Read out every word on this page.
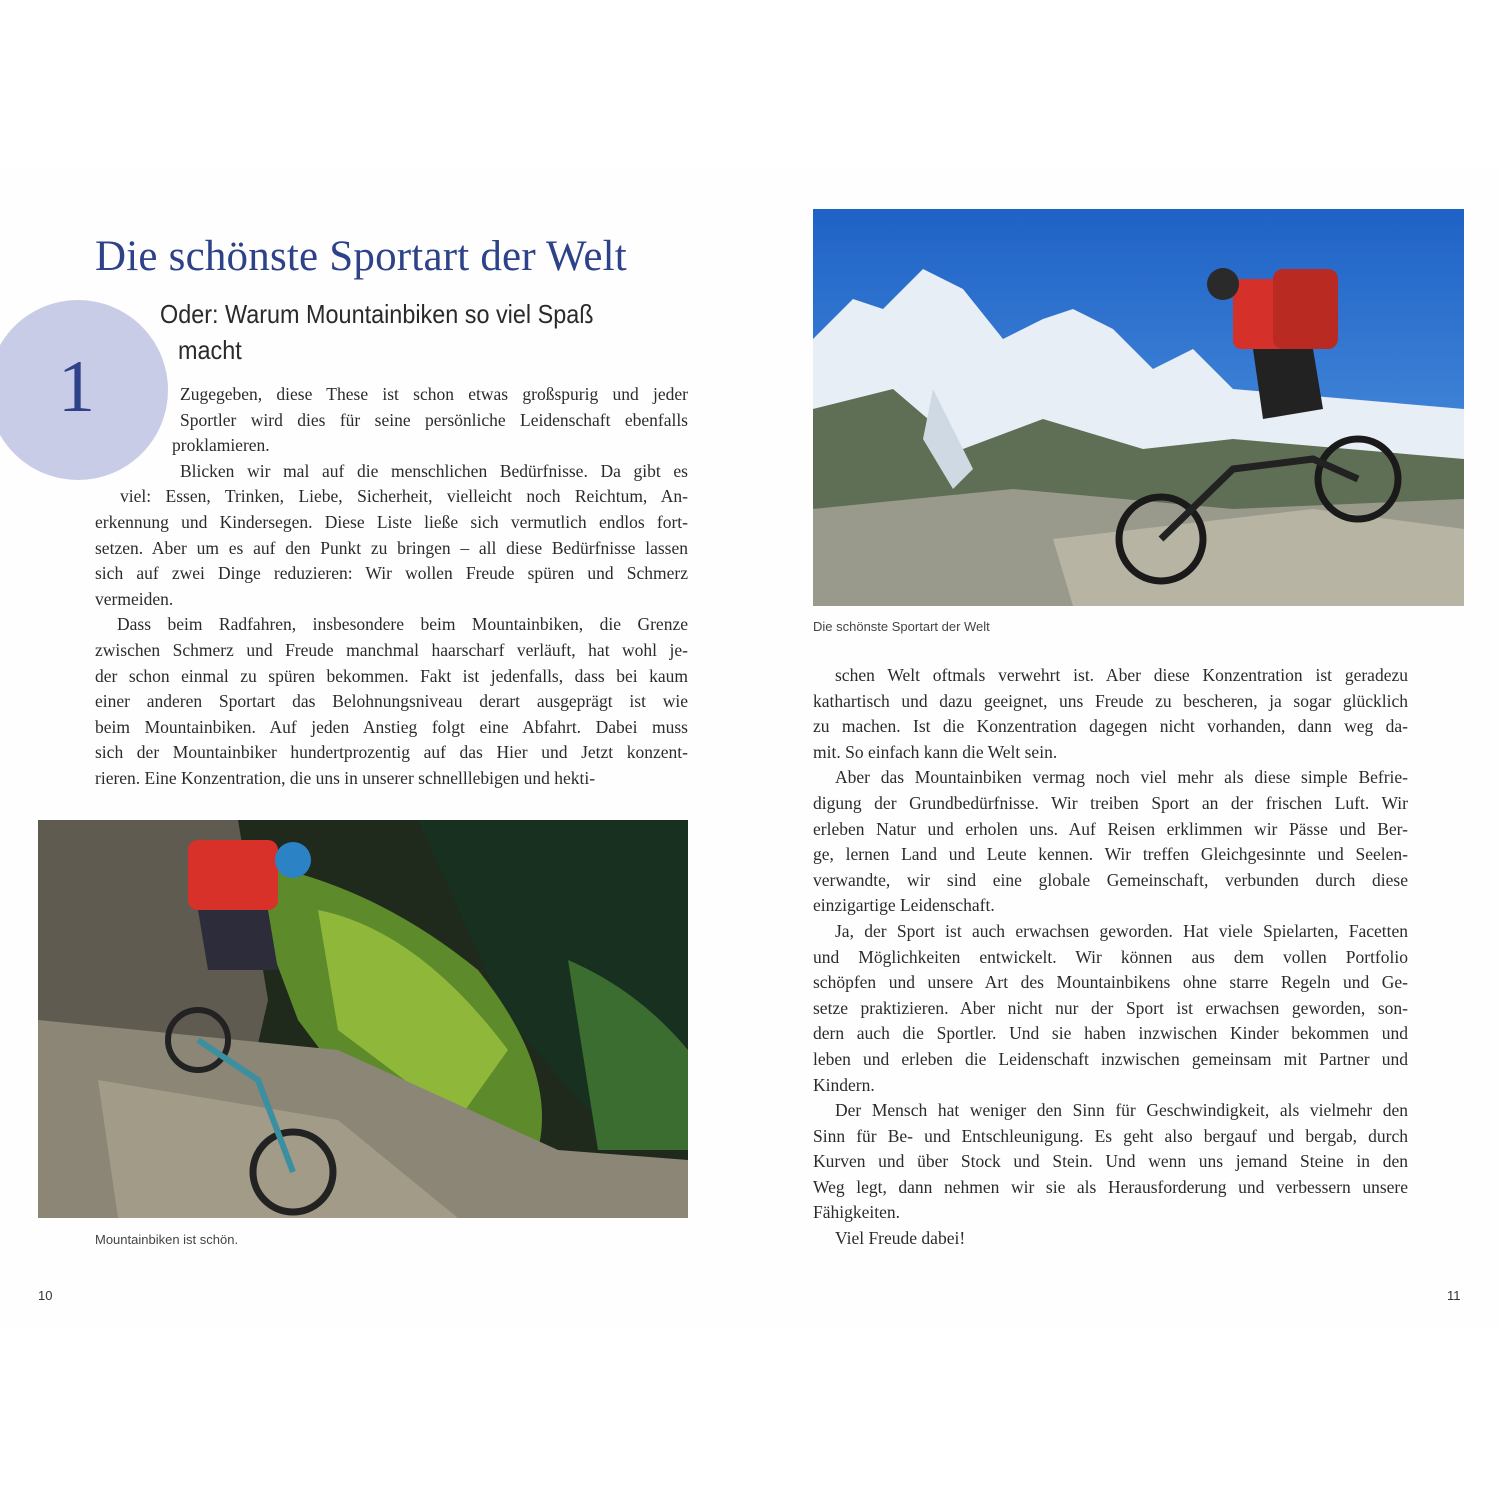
1
Die schönste Sportart der Welt
Oder: Warum Mountainbiken so viel Spaß
macht
Zugegeben, diese These ist schon etwas großspurig und jeder
Sportler wird dies für seine persönliche Leidenschaft ebenfalls
proklamieren.
Blicken wir mal auf die menschlichen Bedürfnisse. Da gibt es
viel: Essen, Trinken, Liebe, Sicherheit, vielleicht noch Reichtum, An-
erkennung und Kindersegen. Diese Liste ließe sich vermutlich endlos fort-
setzen. Aber um es auf den Punkt zu bringen – all diese Bedürfnisse lassen
sich auf zwei Dinge reduzieren: Wir wollen Freude spüren und Schmerz
vermeiden.
Dass beim Radfahren, insbesondere beim Mountainbiken, die Grenze
zwischen Schmerz und Freude manchmal haarscharf verläuft, hat wohl je-
der schon einmal zu spüren bekommen. Fakt ist jedenfalls, dass bei kaum
einer anderen Sportart das Belohnungsniveau derart ausgeprägt ist wie
beim Mountainbiken. Auf jeden Anstieg folgt eine Abfahrt. Dabei muss
sich der Mountainbiker hundertprozentig auf das Hier und Jetzt konzent-
rieren. Eine Konzentration, die uns in unserer schnelllebigen und hekti-
Mountainbiken ist schön.
10
Die schönste Sportart der Welt
schen Welt oftmals verwehrt ist. Aber diese Konzentration ist geradezu
kathartisch und dazu geeignet, uns Freude zu bescheren, ja sogar glücklich
zu machen. Ist die Konzentration dagegen nicht vorhanden, dann weg da-
mit. So einfach kann die Welt sein.
Aber das Mountainbiken vermag noch viel mehr als diese simple Befrie-
digung der Grundbedürfnisse. Wir treiben Sport an der frischen Luft. Wir
erleben Natur und erholen uns. Auf Reisen erklimmen wir Pässe und Ber-
ge, lernen Land und Leute kennen. Wir treffen Gleichgesinnte und Seelen-
verwandte, wir sind eine globale Gemeinschaft, verbunden durch diese
einzigartige Leidenschaft.
Ja, der Sport ist auch erwachsen geworden. Hat viele Spielarten, Facetten
und Möglichkeiten entwickelt. Wir können aus dem vollen Portfolio
schöpfen und unsere Art des Mountainbikens ohne starre Regeln und Ge-
setze praktizieren. Aber nicht nur der Sport ist erwachsen geworden, son-
dern auch die Sportler. Und sie haben inzwischen Kinder bekommen und
leben und erleben die Leidenschaft inzwischen gemeinsam mit Partner und
Kindern.
Der Mensch hat weniger den Sinn für Geschwindigkeit, als vielmehr den
Sinn für Be- und Entschleunigung. Es geht also bergauf und bergab, durch
Kurven und über Stock und Stein. Und wenn uns jemand Steine in den
Weg legt, dann nehmen wir sie als Herausforderung und verbessern unsere
Fähigkeiten.
Viel Freude dabei!
11
